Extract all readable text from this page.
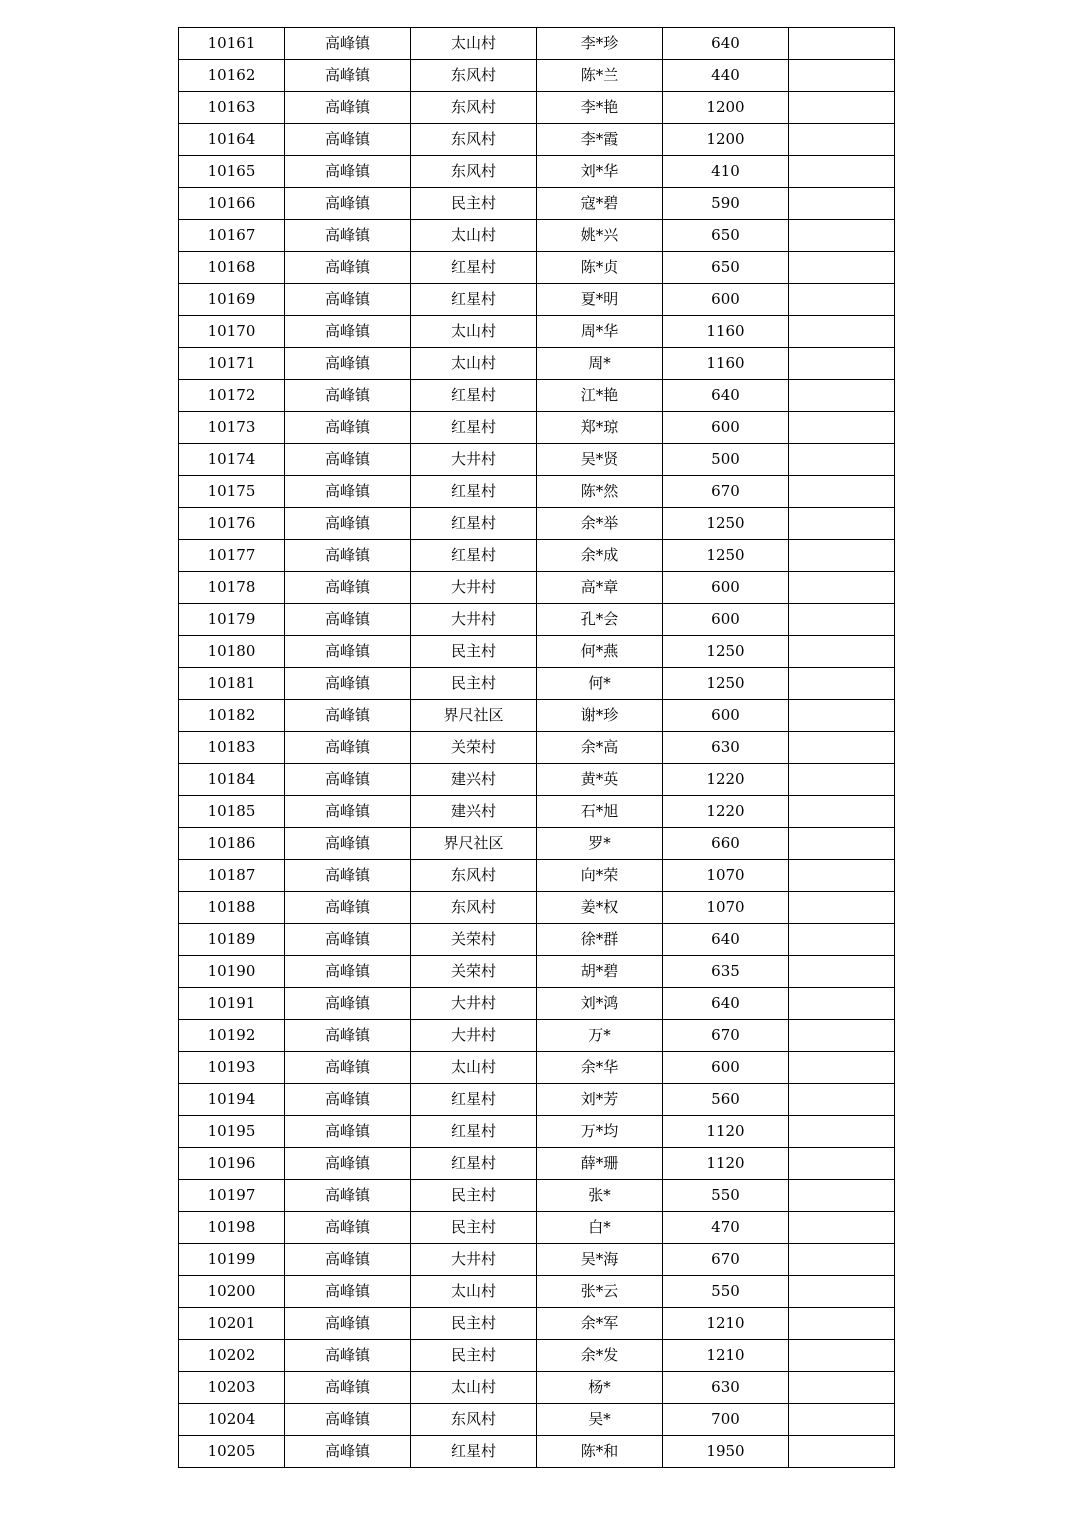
10161	高峰镇	太山村	李*珍	640	
10162	高峰镇	东风村	陈*兰	440	
10163	高峰镇	东风村	李*艳	1200	
10164	高峰镇	东风村	李*霞	1200	
10165	高峰镇	东风村	刘*华	410	
10166	高峰镇	民主村	寇*碧	590	
10167	高峰镇	太山村	姚*兴	650	
10168	高峰镇	红星村	陈*贞	650	
10169	高峰镇	红星村	夏*明	600	
10170	高峰镇	太山村	周*华	1160	
10171	高峰镇	太山村	周*	1160	
10172	高峰镇	红星村	江*艳	640	
10173	高峰镇	红星村	郑*琼	600	
10174	高峰镇	大井村	吴*贤	500	
10175	高峰镇	红星村	陈*然	670	
10176	高峰镇	红星村	余*举	1250	
10177	高峰镇	红星村	余*成	1250	
10178	高峰镇	大井村	高*章	600	
10179	高峰镇	大井村	孔*会	600	
10180	高峰镇	民主村	何*燕	1250	
10181	高峰镇	民主村	何*	1250	
10182	高峰镇	界尺社区	谢*珍	600	
10183	高峰镇	关荣村	余*高	630	
10184	高峰镇	建兴村	黄*英	1220	
10185	高峰镇	建兴村	石*旭	1220	
10186	高峰镇	界尺社区	罗*	660	
10187	高峰镇	东风村	向*荣	1070	
10188	高峰镇	东风村	姜*权	1070	
10189	高峰镇	关荣村	徐*群	640	
10190	高峰镇	关荣村	胡*碧	635	
10191	高峰镇	大井村	刘*鸿	640	
10192	高峰镇	大井村	万*	670	
10193	高峰镇	太山村	余*华	600	
10194	高峰镇	红星村	刘*芳	560	
10195	高峰镇	红星村	万*均	1120	
10196	高峰镇	红星村	薛*珊	1120	
10197	高峰镇	民主村	张*	550	
10198	高峰镇	民主村	白*	470	
10199	高峰镇	大井村	吴*海	670	
10200	高峰镇	太山村	张*云	550	
10201	高峰镇	民主村	余*军	1210	
10202	高峰镇	民主村	余*发	1210	
10203	高峰镇	太山村	杨*	630	
10204	高峰镇	东风村	吴*	700	
10205	高峰镇	红星村	陈*和	1950	
